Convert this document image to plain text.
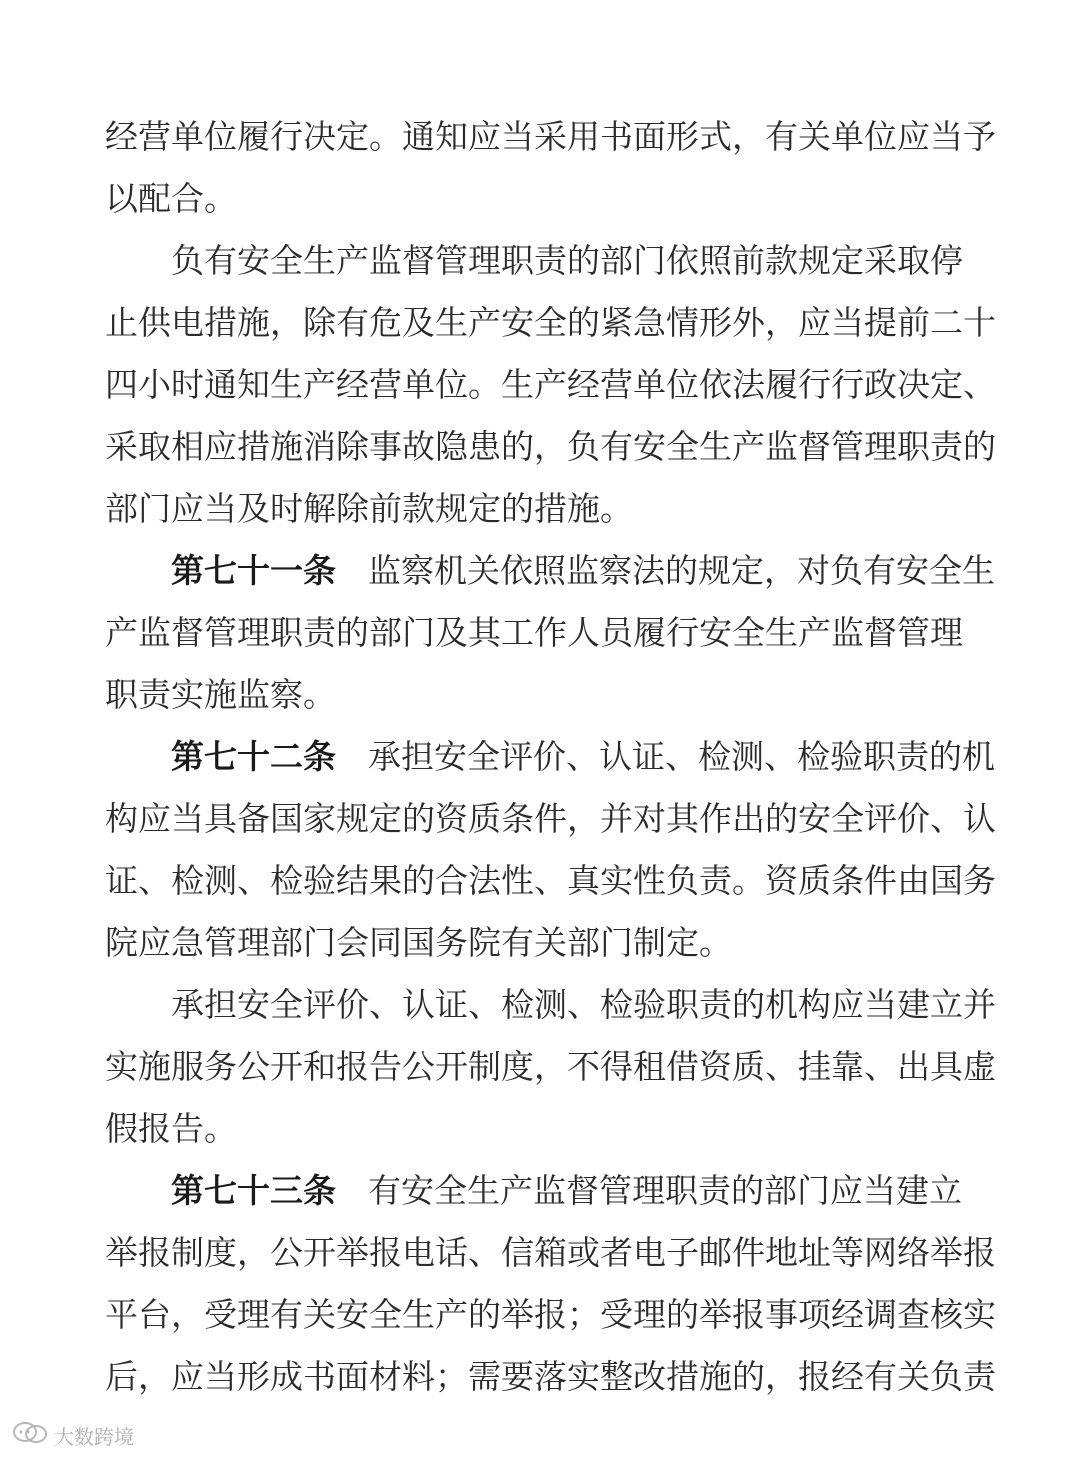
经营单位履行决定。通知应当采用书面形式，有关单位应当予
以配合。
负有安全生产监督管理职责的部门依照前款规定采取停
止供电措施，除有危及生产安全的紧急情形外，应当提前二十
四小时通知生产经营单位。生产经营单位依法履行行政决定、
采取相应措施消除事故隐患的，负有安全生产监督管理职责的
部门应当及时解除前款规定的措施。
第七十一条 监察机关依照监察法的规定，对负有安全生
产监督管理职责的部门及其工作人员履行安全生产监督管理
职责实施监察。
第七十二条 承担安全评价、认证、检测、检验职责的机
构应当具备国家规定的资质条件，并对其作出的安全评价、认
证、检测、检验结果的合法性、真实性负责。资质条件由国务
院应急管理部门会同国务院有关部门制定。
承担安全评价、认证、检测、检验职责的机构应当建立并
实施服务公开和报告公开制度，不得租借资质、挂靠、出具虚
假报告。
第七十三条 有安全生产监督管理职责的部门应当建立
举报制度，公开举报电话、信箱或者电子邮件地址等网络举报
平台，受理有关安全生产的举报；受理的举报事项经调查核实
后，应当形成书面材料；需要落实整改措施的，报经有关负责
大数跨境
